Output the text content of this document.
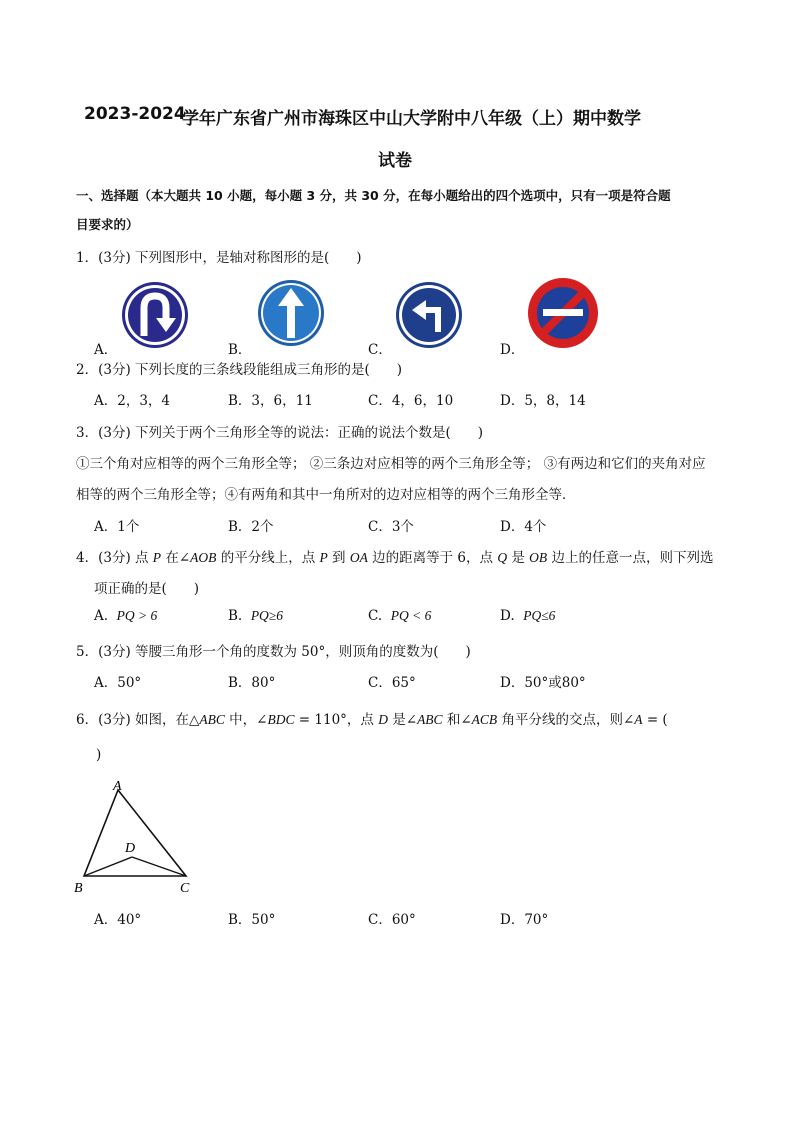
2023-2024
学年广东省广州市海珠区中山大学附中八年级（上）期中数学
试卷
一、选择题（本大题共 10 小题，每小题 3 分，共 30 分，在每小题给出的四个选项中，只有一项是符合题
目要求的）
1．(3分) 下列图形中，是轴对称图形的是(　　)
A．	B．	C．	D．
2．(3分) 下列长度的三条线段能组成三角形的是(　　)
A．2，3，4	B．3，6，11	C．4，6，10	D．5，8，14
3．(3分) 下列关于两个三角形全等的说法：正确的说法个数是(　　)
①三个角对应相等的两个三角形全等； ②三条边对应相等的两个三角形全等； ③有两边和它们的夹角对应
相等的两个三角形全等；④有两角和其中一角所对的边对应相等的两个三角形全等．
A．1个	B．2个	C．3个	D．4个
4．(3分) 点 P 在∠AOB 的平分线上，点 P 到 OA 边的距离等于 6，点 Q 是 OB 边上的任意一点，则下列选
项正确的是(　　)
A. PQ > 6	B. PQ≥6	C. PQ < 6	D. PQ≤6
5．(3分) 等腰三角形一个角的度数为 50°，则顶角的度数为(　　)
A．50°	B．80°	C．65°	D．50°或80°
6．(3分) 如图，在△ABC 中，∠BDC = 110°，点 D 是∠ABC 和∠ACB 角平分线的交点，则∠A = (
)
A
B	C
D
A．40°	B．50°	C．60°	D．70°
